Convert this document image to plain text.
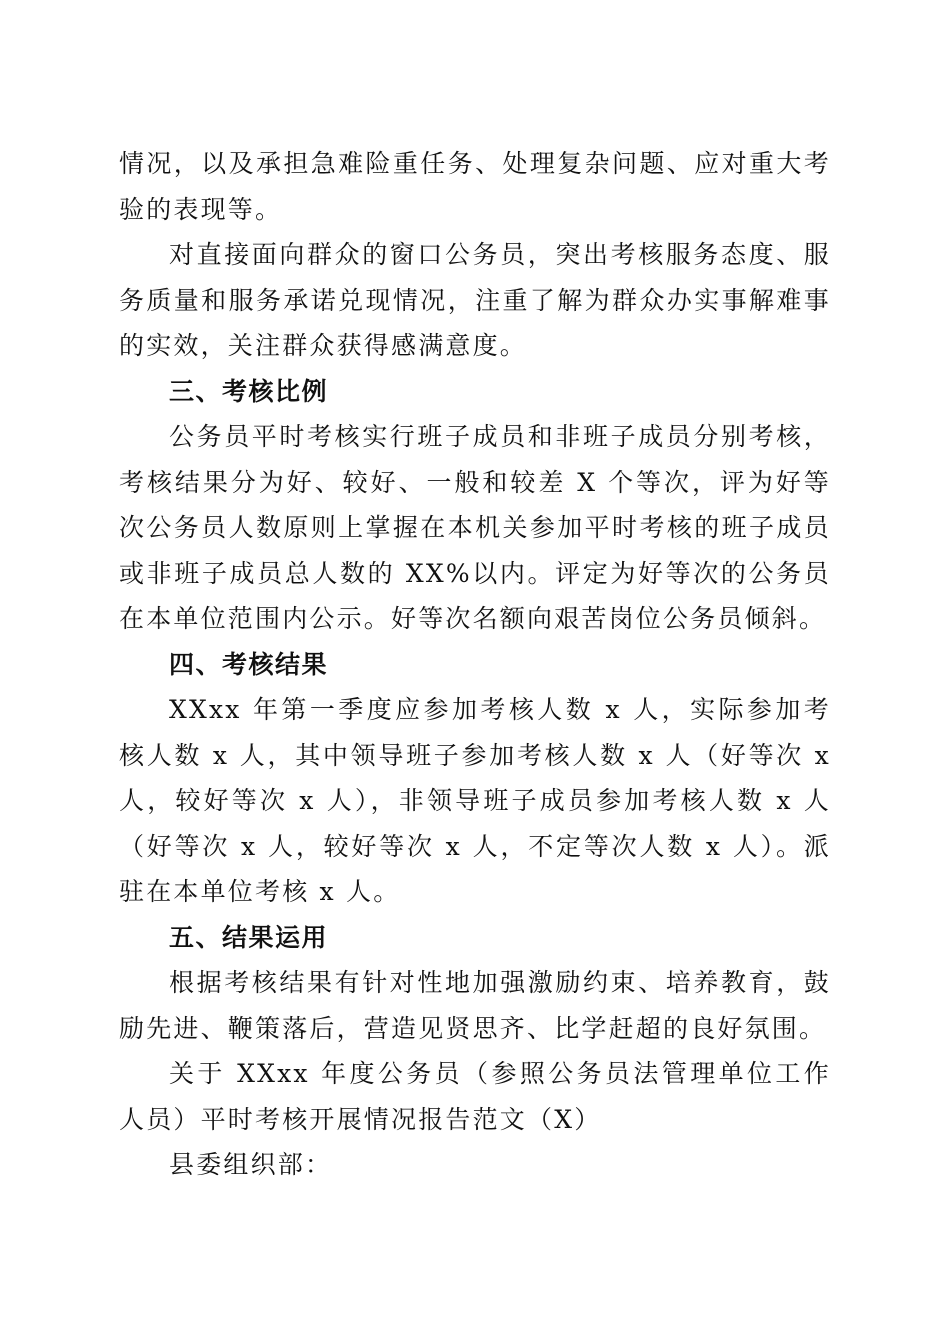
情况，以及承担急难险重任务、处理复杂问题、应对重大考验的表现等。

对直接面向群众的窗口公务员，突出考核服务态度、服务质量和服务承诺兑现情况，注重了解为群众办实事解难事的实效，关注群众获得感满意度。

三、考核比例

公务员平时考核实行班子成员和非班子成员分别考核，考核结果分为好、较好、一般和较差 X 个等次，评为好等次公务员人数原则上掌握在本机关参加平时考核的班子成员或非班子成员总人数的 XX%以内。评定为好等次的公务员在本单位范围内公示。好等次名额向艰苦岗位公务员倾斜。

四、考核结果

XXxx 年第一季度应参加考核人数 x 人，实际参加考核人数 x 人，其中领导班子参加考核人数 x 人（好等次 x 人，较好等次 x 人），非领导班子成员参加考核人数 x 人（好等次 x 人，较好等次 x 人，不定等次人数 x 人）。派驻在本单位考核 x 人。

五、结果运用

根据考核结果有针对性地加强激励约束、培养教育，鼓励先进、鞭策落后，营造见贤思齐、比学赶超的良好氛围。

关于 XXxx 年度公务员（参照公务员法管理单位工作人员）平时考核开展情况报告范文（X）

县委组织部：
